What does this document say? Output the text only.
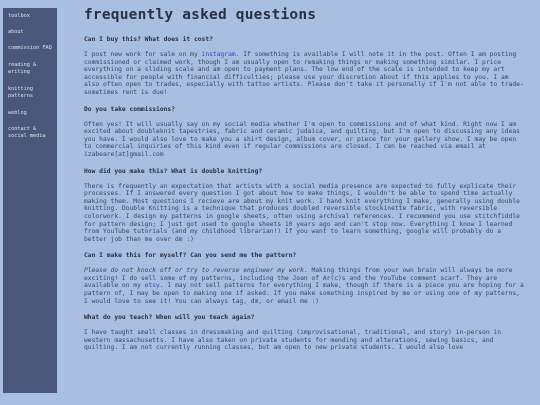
toolbox
about
commission FAQ
reading & writing
knitting patterns
weblog
contact & social media
frequently asked questions
Can I buy this? What does it cost?

I post new work for sale on my instagram. If something is available I will note it in the post. Often I am posting commissioned or claimed work, though I am usually open to remaking things or making something similar. I price everything on a sliding scale and am open to payment plans. The low end of the scale is intended to keep my art accessible for people with financial difficulties; please use your discretion about if this applies to you. I am also often open to trades, especially with tattoo artists. Please don't take it personally if I'm not able to trade-sometimes rent is due!

Do you take commissions?

Often yes! It will usually say on my social media whether I'm open to commissions and of what kind. Right now I am excited about doubleknit tapestries, fabric and ceramic judaica, and quilting, but I'm open to discussing any ideas you have. I would also love to make you a shirt design, album cover, or piece for your gallery show. I may be open to commercial inquiries of this kind even if regular commissions are closed. I can be reached via email at izabeare[at]gmail.com

How did you make this? What is double knitting?

There is frequently an expectation that artists with a social media presence are expected to fully explicate their processes. If I answered every question I got about how to make things, I wouldn't be able to spend time actually making them. Most questions I recieve are about my knit work. I hand knit everything I make, generally using double knitting. Double Knitting is a technique that produces doubled reversible stockinette fabric, with reversible colorwork. I design my patterns in google sheets, often using archival references. I recommend you use stitchfiddle for pattern design; I just got used to google sheets 10 years ago and can't stop now. Everything I know I learned from YouTube tutorials (and my childhood librarian!) If you want to learn something, google will probably do a better job than me over dm :)

Can I make this for myself? Can you send me the pattern?

Please do not knock off or try to reverse engineer my work. Making things from your own brain will always be more exciting! I do sell some of my patterns, including the Joan of Ar(c)s and the YouTube comment scarf. They are available on my etsy. I may not sell patterns for everything I make, though if there is a piece you are hoping for a pattern of, I may be open to making one if asked. If you make something inspired by me or using one of my patterns, I would love to see it! You can always tag, dm, or email me :)

What do you teach? When will you teach again?

I have taught small classes in dressmaking and quilting (improvisational, traditional, and story) in-person in western massachusetts. I have also taken on private students for mending and alterations, sewing basics, and quilting. I am not currently running classes, but am open to new private students. I would also love
